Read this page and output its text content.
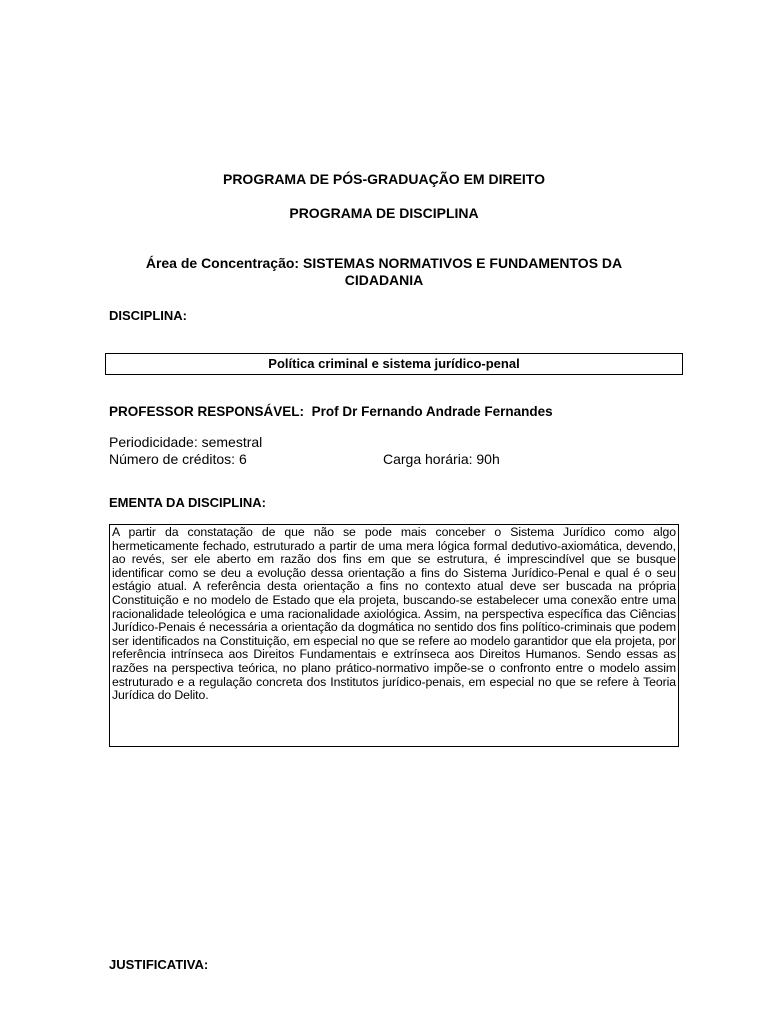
PROGRAMA DE PÓS-GRADUAÇÃO EM DIREITO
PROGRAMA DE DISCIPLINA
Área de Concentração: SISTEMAS NORMATIVOS E FUNDAMENTOS DA
CIDADANIA
DISCIPLINA:
Política criminal e sistema jurídico-penal
PROFESSOR RESPONSÁVEL: Prof Dr Fernando Andrade Fernandes
Periodicidade: semestral
Número de créditos: 6	Carga horária: 90h
EMENTA DA DISCIPLINA:

A partir da constatação de que não se pode mais conceber o Sistema Jurídico como algo hermeticamente fechado, estruturado a partir de uma mera lógica formal dedutivo-axiomática, devendo, ao revés, ser ele aberto em razão dos fins em que se estrutura, é imprescindível que se busque identificar como se deu a evolução dessa orientação a fins do Sistema Jurídico-Penal e qual é o seu estágio atual. A referência desta orientação a fins no contexto atual deve ser buscada na própria Constituição e no modelo de Estado que ela projeta, buscando-se estabelecer uma conexão entre uma racionalidade teleológica e uma racionalidade axiológica. Assim, na perspectiva específica das Ciências Jurídico-Penais é necessária a orientação da dogmática no sentido dos fins político-criminais que podem ser identificados na Constituição, em especial no que se refere ao modelo garantidor que ela projeta, por referência intrínseca aos Direitos Fundamentais e extrínseca aos Direitos Humanos. Sendo essas as razões na perspectiva teórica, no plano prático-normativo impõe-se o confronto entre o modelo assim estruturado e a regulação concreta dos Institutos jurídico-penais, em especial no que se refere à Teoria Jurídica do Delito.

JUSTIFICATIVA:
